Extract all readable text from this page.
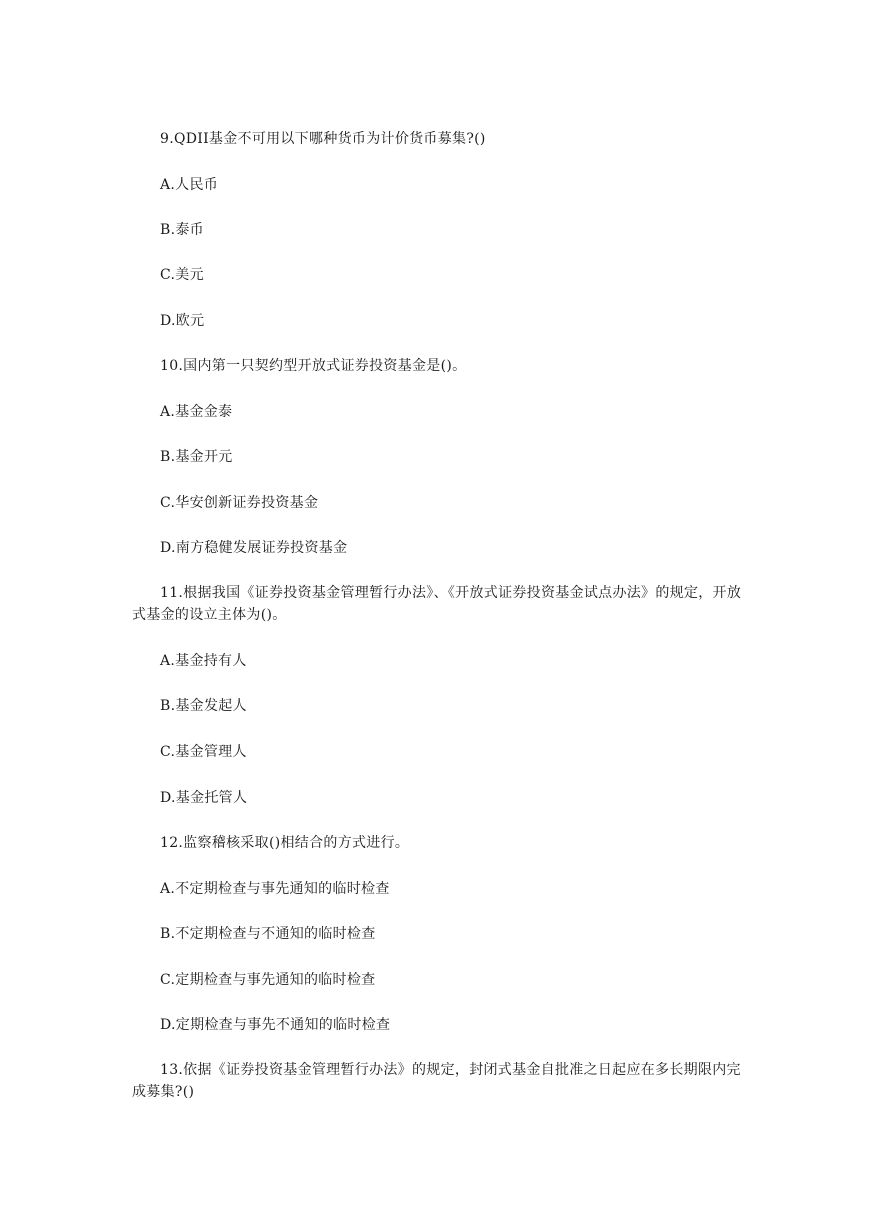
9.QDII基金不可用以下哪种货币为计价货币募集?()
A.人民币
B.泰币
C.美元
D.欧元
10.国内第一只契约型开放式证券投资基金是()。
A.基金金泰
B.基金开元
C.华安创新证券投资基金
D.南方稳健发展证券投资基金
11.根据我国《证券投资基金管理暂行办法》、《开放式证券投资基金试点办法》的规定，开放式基金的设立主体为()。
A.基金持有人
B.基金发起人
C.基金管理人
D.基金托管人
12.监察稽核采取()相结合的方式进行。
A.不定期检查与事先通知的临时检查
B.不定期检查与不通知的临时检查
C.定期检查与事先通知的临时检查
D.定期检查与事先不通知的临时检查
13.依据《证券投资基金管理暂行办法》的规定，封闭式基金自批准之日起应在多长期限内完成募集?()
